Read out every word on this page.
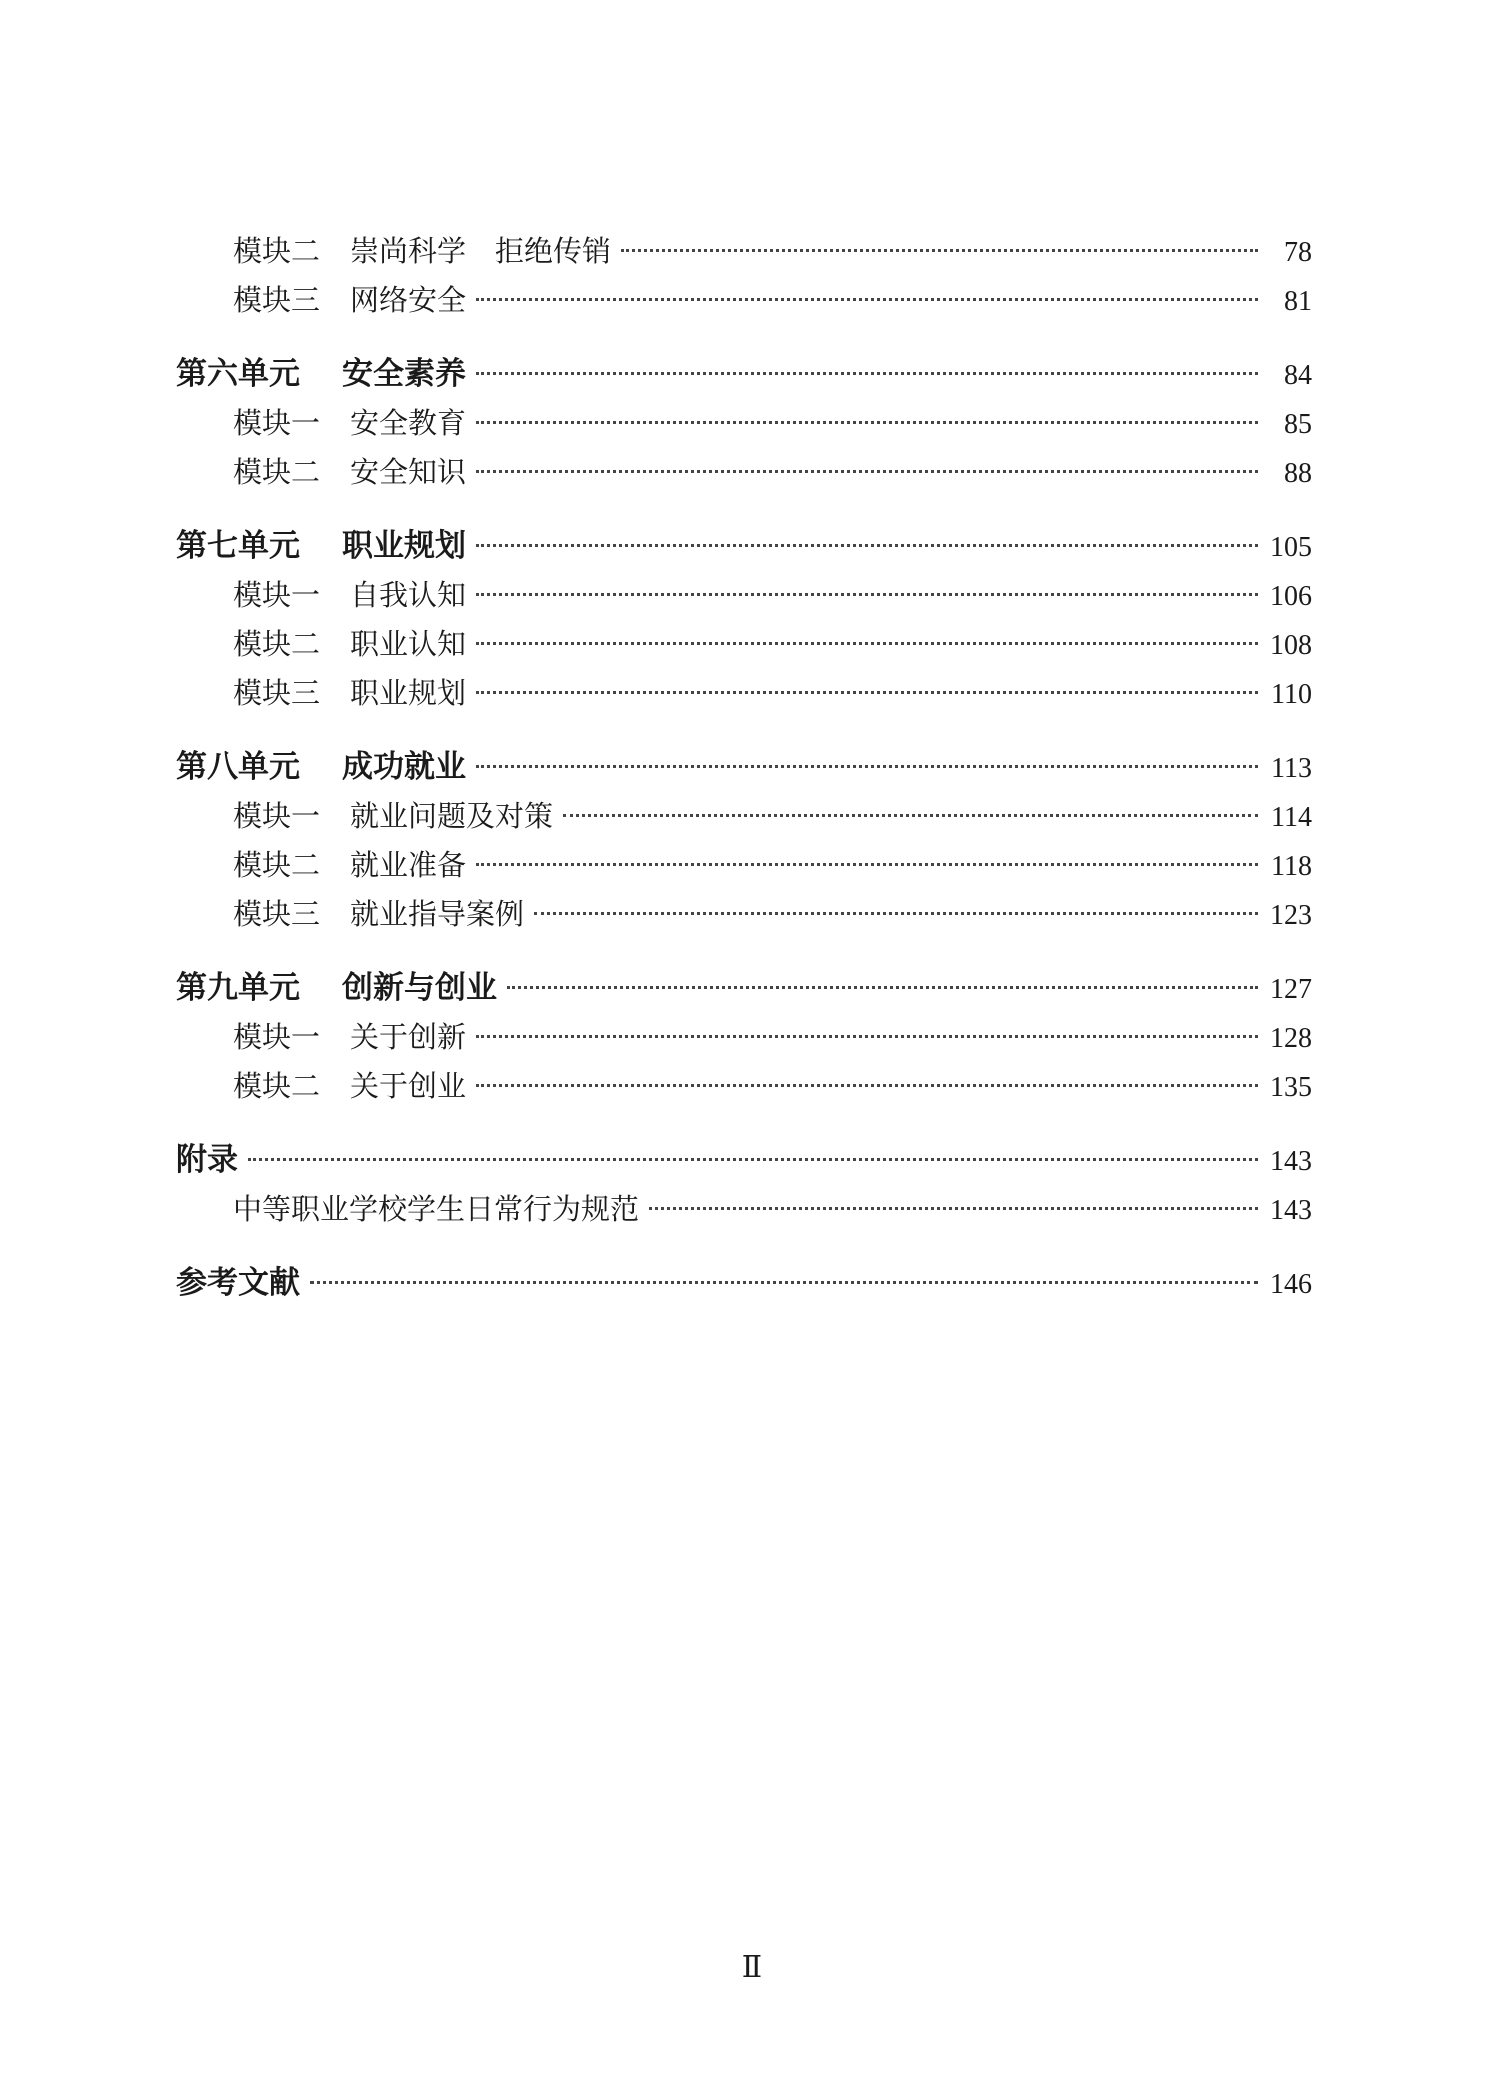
模块二 崇尚科学　拒绝传销	78
模块三 网络安全	81
第六单元 安全素养	84
模块一 安全教育	85
模块二 安全知识	88
第七单元 职业规划	105
模块一 自我认知	106
模块二 职业认知	108
模块三 职业规划	110
第八单元 成功就业	113
模块一 就业问题及对策	114
模块二 就业准备	118
模块三 就业指导案例	123
第九单元 创新与创业	127
模块一 关于创新	128
模块二 关于创业	135
附录	143
中等职业学校学生日常行为规范	143
参考文献	146
Ⅱ
